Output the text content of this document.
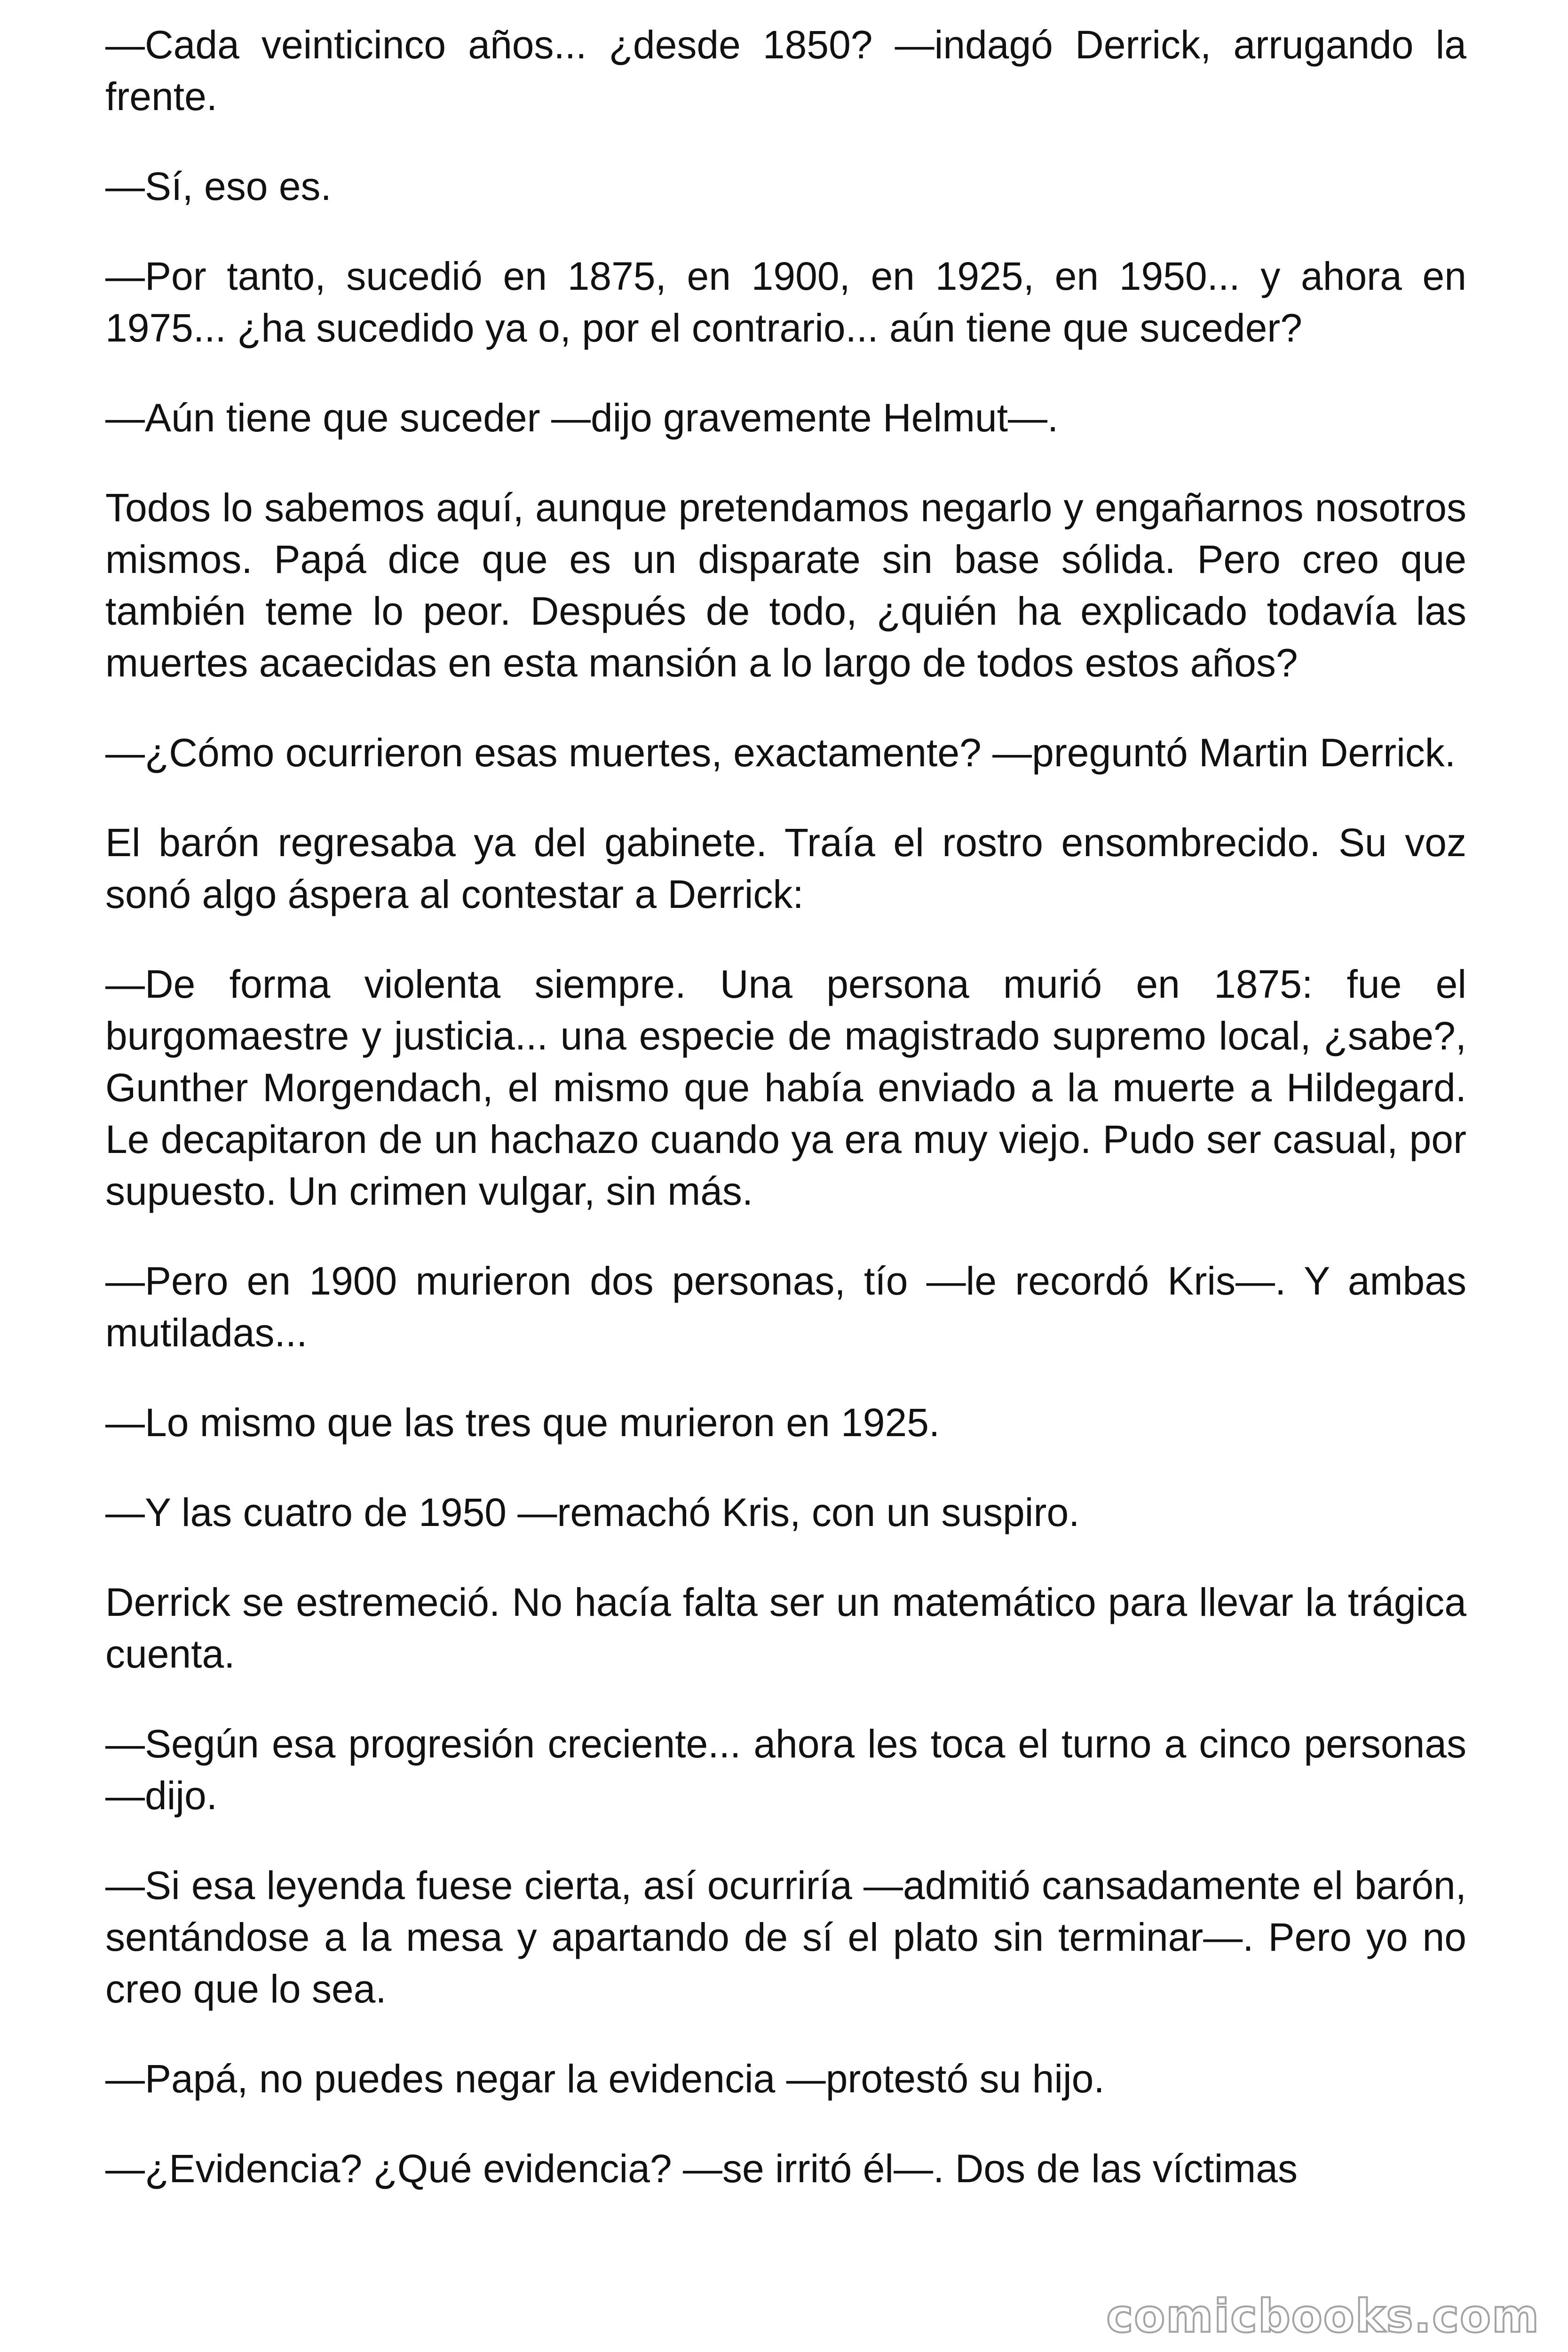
—Cada veinticinco años... ¿desde 1850? —indagó Derrick, arrugando la frente.

—Sí, eso es.

—Por tanto, sucedió en 1875, en 1900, en 1925, en 1950... y ahora en 1975... ¿ha sucedido ya o, por el contrario... aún tiene que suceder?

—Aún tiene que suceder —dijo gravemente Helmut—.

Todos lo sabemos aquí, aunque pretendamos negarlo y engañarnos nosotros mismos. Papá dice que es un disparate sin base sólida. Pero creo que también teme lo peor. Después de todo, ¿quién ha explicado todavía las muertes acaecidas en esta mansión a lo largo de todos estos años?

—¿Cómo ocurrieron esas muertes, exactamente? —preguntó Martin Derrick.

El barón regresaba ya del gabinete. Traía el rostro ensombrecido. Su voz sonó algo áspera al contestar a Derrick:

—De forma violenta siempre. Una persona murió en 1875: fue el burgomaestre y justicia... una especie de magistrado supremo local, ¿sabe?, Gunther Morgendach, el mismo que había enviado a la muerte a Hildegard. Le decapitaron de un hachazo cuando ya era muy viejo. Pudo ser casual, por supuesto. Un crimen vulgar, sin más.

—Pero en 1900 murieron dos personas, tío —le recordó Kris—. Y ambas mutiladas...

—Lo mismo que las tres que murieron en 1925.

—Y las cuatro de 1950 —remachó Kris, con un suspiro.

Derrick se estremeció. No hacía falta ser un matemático para llevar la trágica cuenta.

—Según esa progresión creciente... ahora les toca el turno a cinco personas —dijo.

—Si esa leyenda fuese cierta, así ocurriría —admitió cansadamente el barón, sentándose a la mesa y apartando de sí el plato sin terminar—. Pero yo no creo que lo sea.

—Papá, no puedes negar la evidencia —protestó su hijo.

—¿Evidencia? ¿Qué evidencia? —se irritó él—. Dos de las víctimas

comicbooks.com
